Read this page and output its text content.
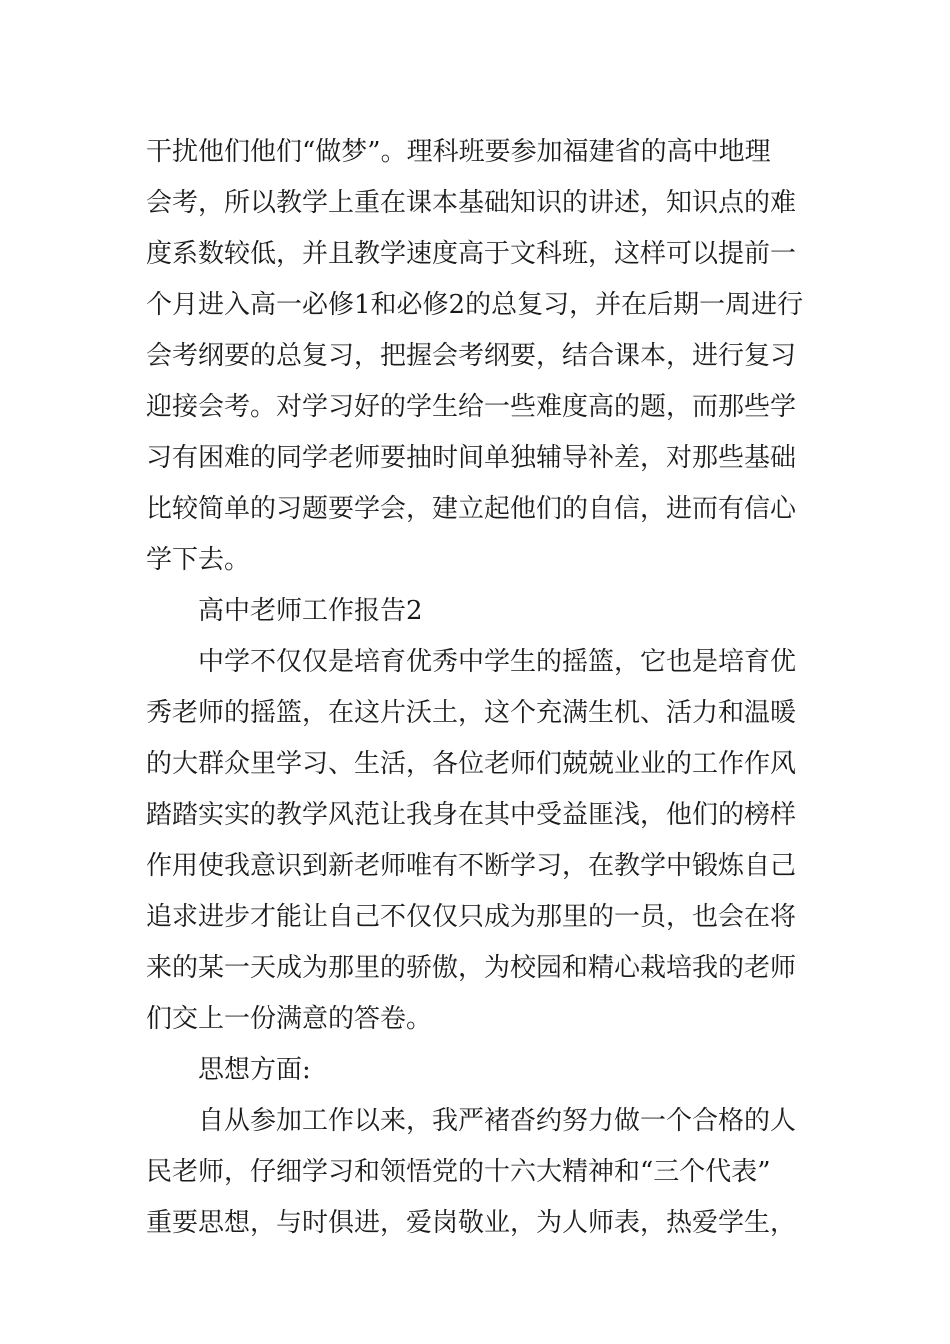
干扰他们他们“做梦”。理科班要参加福建省的高中地理
会考，所以教学上重在课本基础知识的讲述，知识点的难
度系数较低，并且教学速度高于文科班，这样可以提前一
个月进入高一必修1和必修2的总复习，并在后期一周进行
会考纲要的总复习，把握会考纲要，结合课本，进行复习
迎接会考。对学习好的学生给一些难度高的题，而那些学
习有困难的同学老师要抽时间单独辅导补差，对那些基础
比较简单的习题要学会，建立起他们的自信，进而有信心
学下去。
高中老师工作报告2
中学不仅仅是培育优秀中学生的摇篮，它也是培育优
秀老师的摇篮，在这片沃土，这个充满生机、活力和温暖
的大群众里学习、生活，各位老师们兢兢业业的工作作风
踏踏实实的教学风范让我身在其中受益匪浅，他们的榜样
作用使我意识到新老师唯有不断学习，在教学中锻炼自己
追求进步才能让自己不仅仅只成为那里的一员，也会在将
来的某一天成为那里的骄傲，为校园和精心栽培我的老师
们交上一份满意的答卷。
思想方面:
自从参加工作以来，我严褚沓约努力做一个合格的人
民老师，仔细学习和领悟党的十六大精神和“三个代表”
重要思想，与时俱进，爱岗敬业，为人师表，热爱学生，
